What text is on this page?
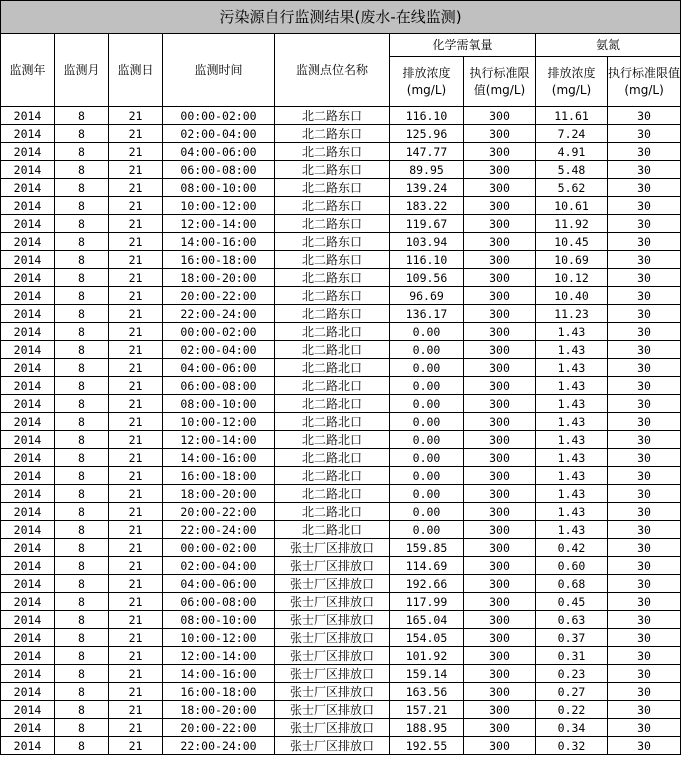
污染源自行监测结果(废水-在线监测)								
监测年	监测月	监测日	监测时间	监测点位名称	化学需氧量		氨氮	
					排放浓度(mg/L)	执行标准限值(mg/L)	排放浓度(mg/L)	执行标准限值(mg/L)
2014	8	21	00:00-02:00	北二路东口	116.10	300	11.61	30
2014	8	21	02:00-04:00	北二路东口	125.96	300	7.24	30
2014	8	21	04:00-06:00	北二路东口	147.77	300	4.91	30
2014	8	21	06:00-08:00	北二路东口	89.95	300	5.48	30
2014	8	21	08:00-10:00	北二路东口	139.24	300	5.62	30
2014	8	21	10:00-12:00	北二路东口	183.22	300	10.61	30
2014	8	21	12:00-14:00	北二路东口	119.67	300	11.92	30
2014	8	21	14:00-16:00	北二路东口	103.94	300	10.45	30
2014	8	21	16:00-18:00	北二路东口	116.10	300	10.69	30
2014	8	21	18:00-20:00	北二路东口	109.56	300	10.12	30
2014	8	21	20:00-22:00	北二路东口	96.69	300	10.40	30
2014	8	21	22:00-24:00	北二路东口	136.17	300	11.23	30
2014	8	21	00:00-02:00	北二路北口	0.00	300	1.43	30
2014	8	21	02:00-04:00	北二路北口	0.00	300	1.43	30
2014	8	21	04:00-06:00	北二路北口	0.00	300	1.43	30
2014	8	21	06:00-08:00	北二路北口	0.00	300	1.43	30
2014	8	21	08:00-10:00	北二路北口	0.00	300	1.43	30
2014	8	21	10:00-12:00	北二路北口	0.00	300	1.43	30
2014	8	21	12:00-14:00	北二路北口	0.00	300	1.43	30
2014	8	21	14:00-16:00	北二路北口	0.00	300	1.43	30
2014	8	21	16:00-18:00	北二路北口	0.00	300	1.43	30
2014	8	21	18:00-20:00	北二路北口	0.00	300	1.43	30
2014	8	21	20:00-22:00	北二路北口	0.00	300	1.43	30
2014	8	21	22:00-24:00	北二路北口	0.00	300	1.43	30
2014	8	21	00:00-02:00	张士厂区排放口	159.85	300	0.42	30
2014	8	21	02:00-04:00	张士厂区排放口	114.69	300	0.60	30
2014	8	21	04:00-06:00	张士厂区排放口	192.66	300	0.68	30
2014	8	21	06:00-08:00	张士厂区排放口	117.99	300	0.45	30
2014	8	21	08:00-10:00	张士厂区排放口	165.04	300	0.63	30
2014	8	21	10:00-12:00	张士厂区排放口	154.05	300	0.37	30
2014	8	21	12:00-14:00	张士厂区排放口	101.92	300	0.31	30
2014	8	21	14:00-16:00	张士厂区排放口	159.14	300	0.23	30
2014	8	21	16:00-18:00	张士厂区排放口	163.56	300	0.27	30
2014	8	21	18:00-20:00	张士厂区排放口	157.21	300	0.22	30
2014	8	21	20:00-22:00	张士厂区排放口	188.95	300	0.34	30
2014	8	21	22:00-24:00	张士厂区排放口	192.55	300	0.32	30
